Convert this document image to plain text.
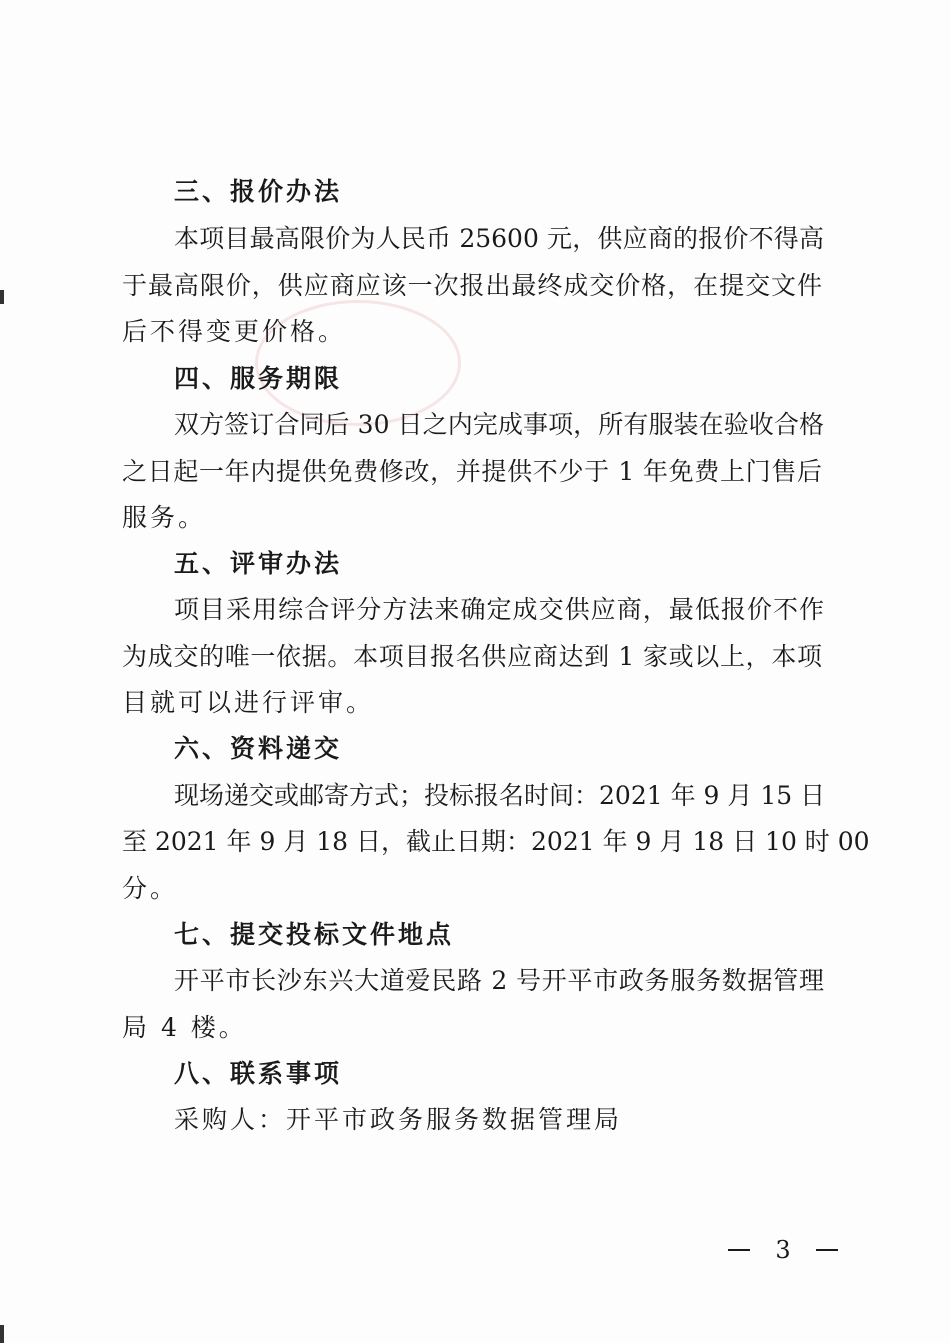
三、报价办法
本项目最高限价为人民币 25600 元，供应商的报价不得高
于最高限价，供应商应该一次报出最终成交价格，在提交文件
后不得变更价格。
四、服务期限
双方签订合同后 30 日之内完成事项，所有服装在验收合格
之日起一年内提供免费修改，并提供不少于 1 年免费上门售后
服务。
五、评审办法
项目采用综合评分方法来确定成交供应商，最低报价不作
为成交的唯一依据。本项目报名供应商达到 1 家或以上，本项
目就可以进行评审。
六、资料递交
现场递交或邮寄方式；投标报名时间：2021 年 9 月 15 日
至 2021 年 9 月 18 日，截止日期：2021 年 9 月 18 日 10 时 00
分。
七、提交投标文件地点
开平市长沙东兴大道爱民路 2 号开平市政务服务数据管理
局 4 楼。
八、联系事项
采购人：开平市政务服务数据管理局
3
